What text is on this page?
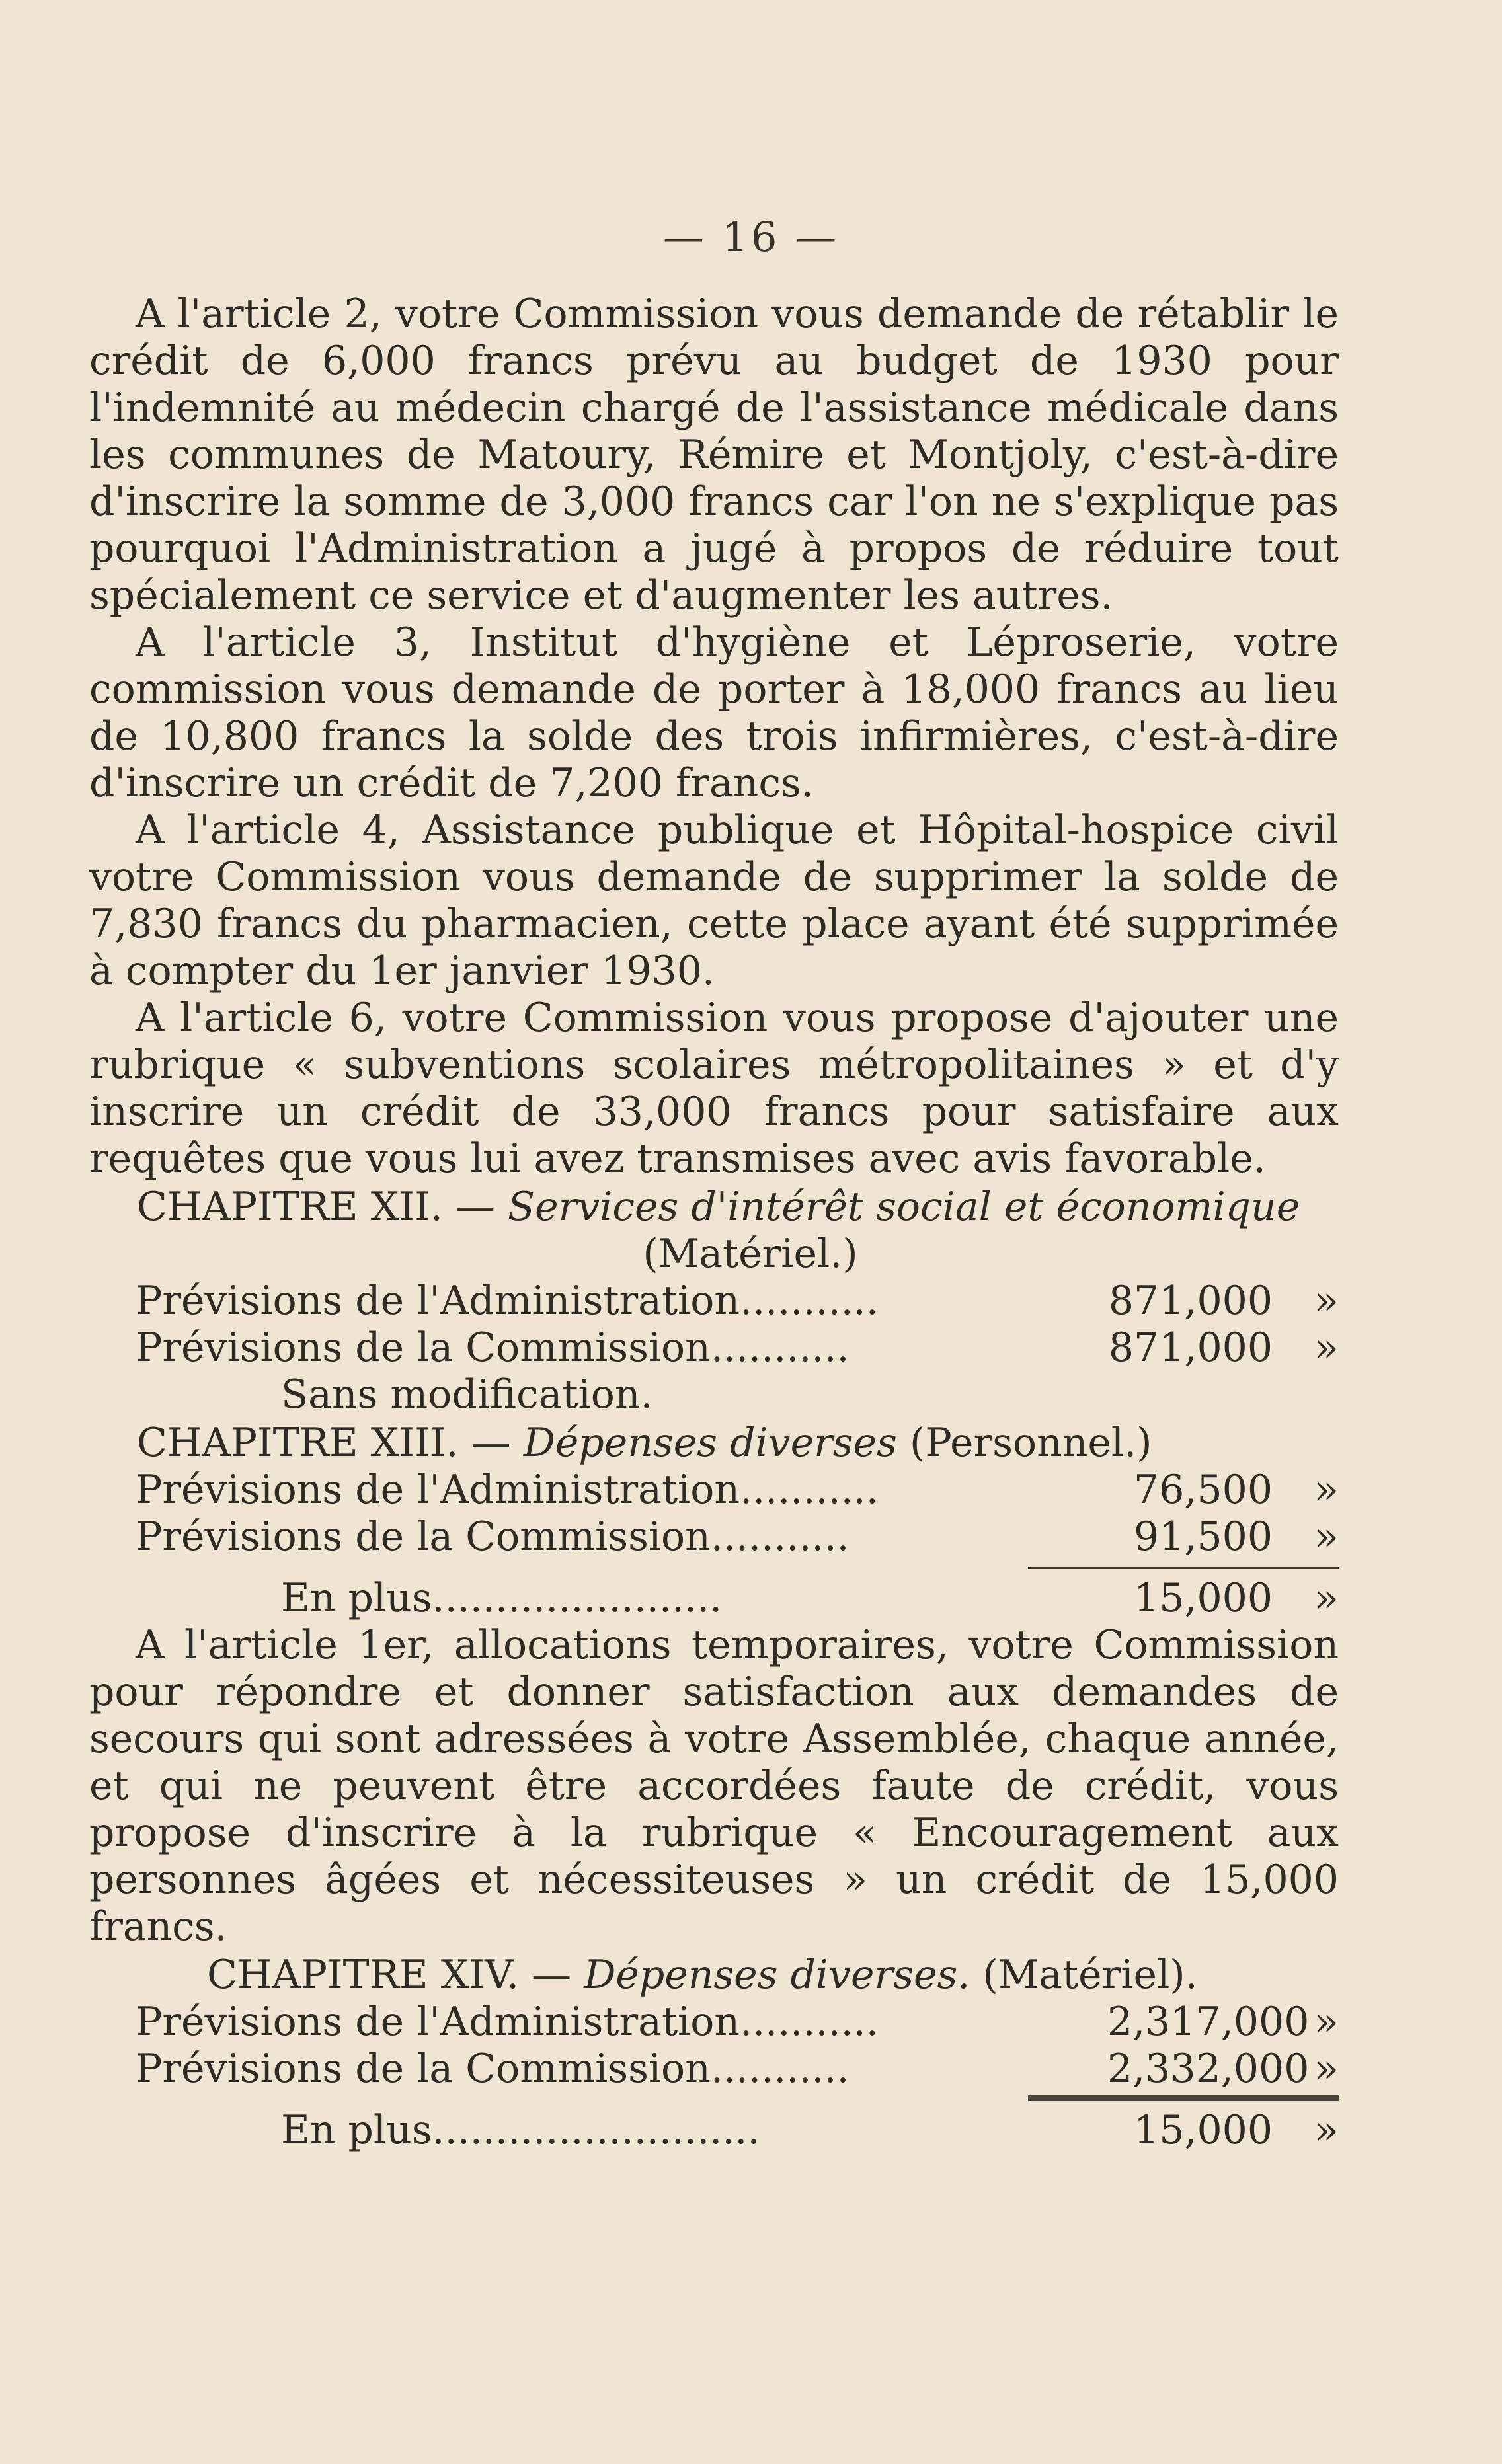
— 16 —

A l'article 2, votre Commission vous demande de rétablir le crédit de 6,000 francs prévu au budget de 1930 pour l'indemnité au médecin chargé de l'assistance médicale dans les communes de Matoury, Rémire et Montjoly, c'est-à-dire d'inscrire la somme de 3,000 francs car l'on ne s'explique pas pourquoi l'Administration a jugé à propos de réduire tout spécialement ce service et d'augmenter les autres.

A l'article 3, Institut d'hygiène et Léproserie, votre commission vous demande de porter à 18,000 francs au lieu de 10,800 francs la solde des trois infirmières, c'est-à-dire d'inscrire un crédit de 7,200 francs.

A l'article 4, Assistance publique et Hôpital-hospice civil votre Commission vous demande de supprimer la solde de 7,830 francs du pharmacien, cette place ayant été supprimée à compter du 1er janvier 1930.

A l'article 6, votre Commission vous propose d'ajouter une rubrique « subventions scolaires métropolitaines » et d'y inscrire un crédit de 33,000 francs pour satisfaire aux requêtes que vous lui avez transmises avec avis favorable.

CHAPITRE XII. — Services d'intérêt social et économique

(Matériel.)

Prévisions de l'Administration ...........	871,000	»
Prévisions de la Commission ...........	871,000	»

Sans modification.

CHAPITRE XIII. — Dépenses diverses (Personnel.)

Prévisions de l'Administration ...........	76,500	»
Prévisions de la Commission ...........	91,500	»
En plus .......................	15,000	»

A l'article 1er, allocations temporaires, votre Commission pour répondre et donner satisfaction aux demandes de secours qui sont adressées à votre Assemblée, chaque année, et qui ne peuvent être accordées faute de crédit, vous propose d'inscrire à la rubrique « Encouragement aux personnes âgées et nécessiteuses » un crédit de 15,000 francs.

CHAPITRE XIV. — Dépenses diverses. (Matériel).

Prévisions de l'Administration ...........	2,317,000 »
Prévisions de la Commission ...........	2,332,000 »
En plus ..........................	15,000	»
